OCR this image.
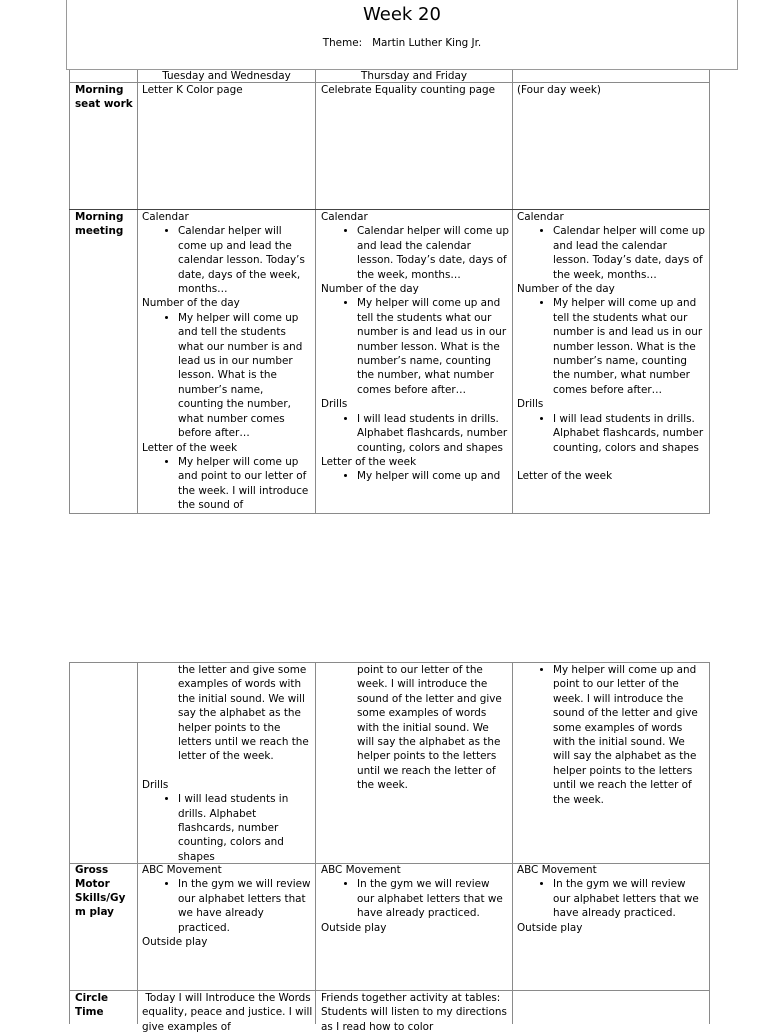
Week 20
Theme: Martin Luther King Jr.
Tuesday and Wednesday	Thursday and Friday
Morning seat work
Letter K Color page	Celebrate Equality counting page (Four day week)
Morning meeting

Calendar

• Calendar helper will come up and lead the calendar lesson. Today’s date, days of the week, months…

Number of the day

• My helper will come up and tell the students what our number is and lead us in our number lesson. What is the number’s name, counting the number, what number comes before after…

Letter of the week

• My helper will come up and point to our letter of the week. I will introduce the sound of

Calendar

• Calendar helper will come up and lead the calendar lesson. Today’s date, days of the week, months…

Number of the day

• My helper will come up and tell the students what our number is and lead us in our number lesson. What is the number’s name, counting the number, what number comes before after…

Drills

• I will lead students in drills. Alphabet flashcards, number counting, colors and shapes

Letter of the week

• My helper will come up and

Calendar

• Calendar helper will come up and lead the calendar lesson. Today’s date, days of the week, months…

Number of the day

• My helper will come up and tell the students what our number is and lead us in our number lesson. What is the number’s name, counting the number, what number comes before after…

Drills

• I will lead students in drills. Alphabet flashcards, number counting, colors and shapes

Letter of the week

the letter and give some examples of words with the initial sound. We will say the alphabet as the helper points to the letters until we reach the letter of the week.

Drills

• I will lead students in drills. Alphabet flashcards, number counting, colors and shapes
point to our letter of the week. I will introduce the sound of the letter and give some examples of words with the initial sound. We will say the alphabet as the helper points to the letters until we reach the letter of the week.
• My helper will come up and point to our letter of the week. I will introduce the sound of the letter and give some examples of words with the initial sound. We will say the alphabet as the helper points to the letters until we reach the letter of the week.
Gross
Motor
Skills/Gy
m play

ABC Movement

• In the gym we will review our alphabet letters that we have already practiced.

Outside play

ABC Movement

• In the gym we will review our alphabet letters that we have already practiced.

Outside play

ABC Movement

• In the gym we will review our alphabet letters that we have already practiced.

Outside play

Circle
Time
Today I will Introduce the Words equality, peace and justice. I will give examples of
Friends together activity at tables: Students will listen to my directions as I read how to color
